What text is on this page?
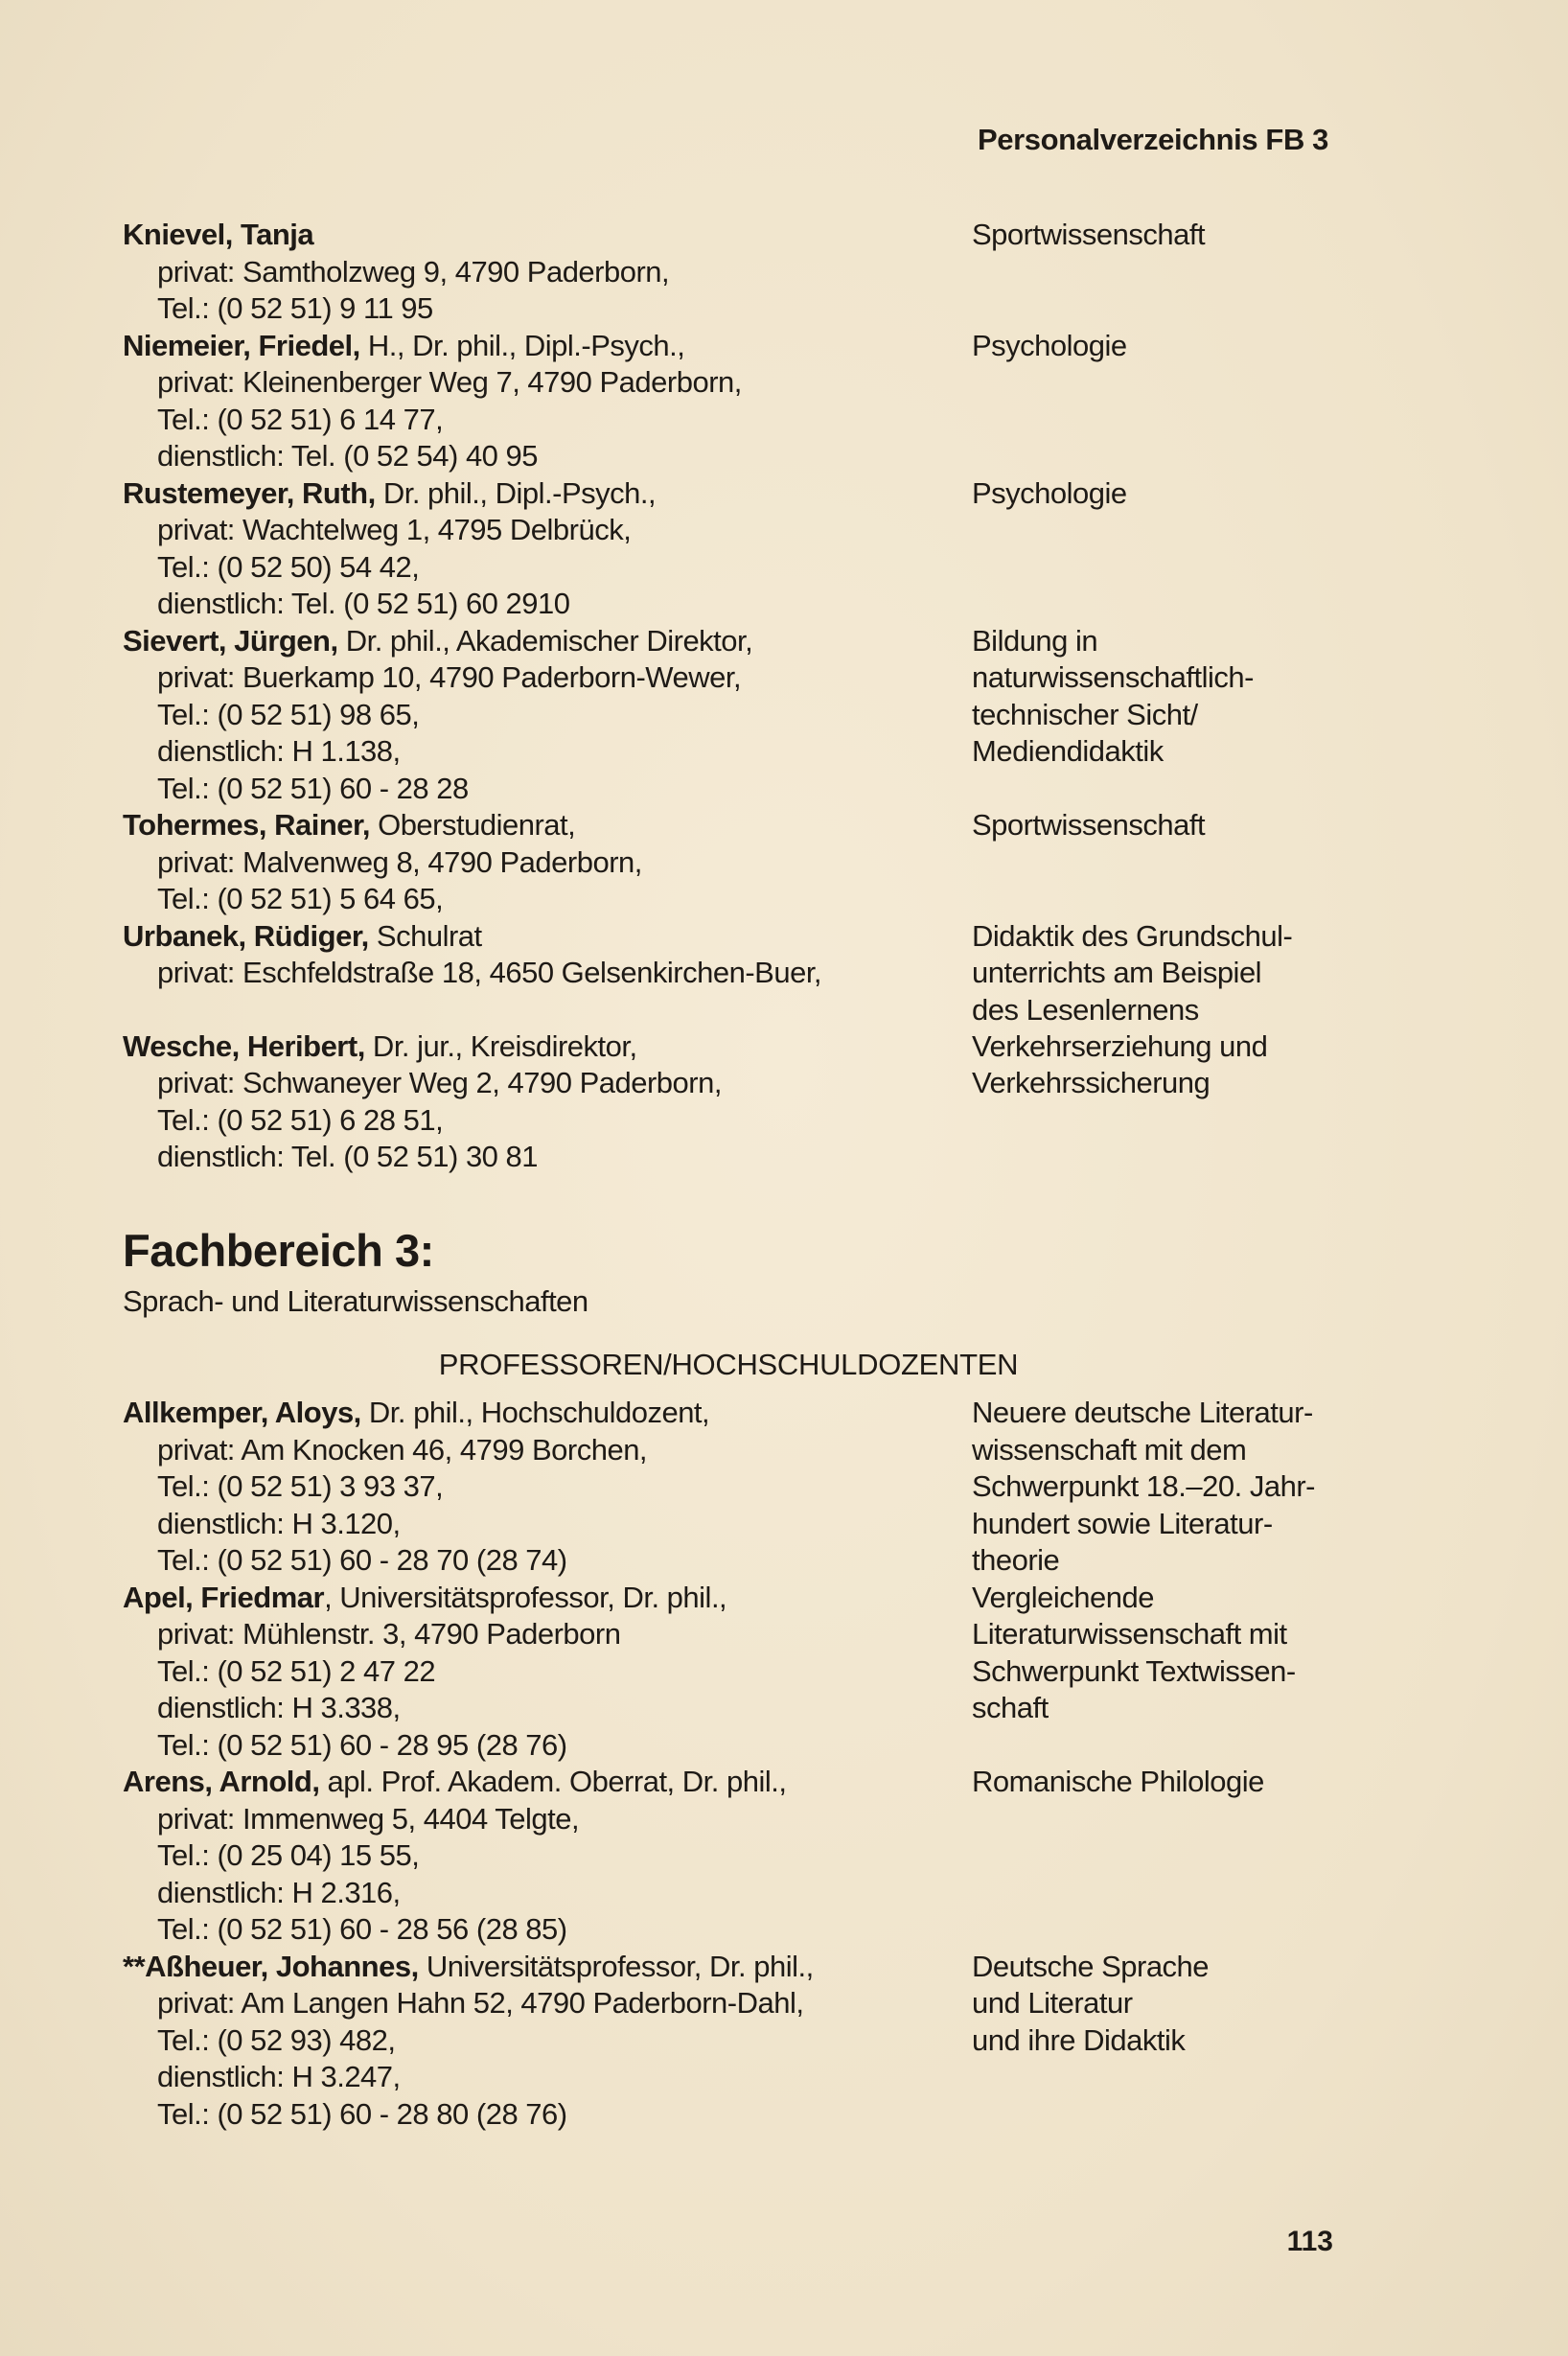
Personalverzeichnis FB 3
Knievel, Tanja
privat: Samtholzweg 9, 4790 Paderborn,
Tel.: (0 52 51) 9 11 95
Sportwissenschaft
Niemeier, Friedel, H., Dr. phil., Dipl.-Psych.,
privat: Kleinenberger Weg 7, 4790 Paderborn,
Tel.: (0 52 51) 6 14 77,
dienstlich: Tel. (0 52 54) 40 95
Psychologie
Rustemeyer, Ruth, Dr. phil., Dipl.-Psych.,
privat: Wachtelweg 1, 4795 Delbrück,
Tel.: (0 52 50) 54 42,
dienstlich: Tel. (0 52 51) 60 2910
Psychologie
Sievert, Jürgen, Dr. phil., Akademischer Direktor,
privat: Buerkamp 10, 4790 Paderborn-Wewer,
Tel.: (0 52 51) 98 65,
dienstlich: H 1.138,
Tel.: (0 52 51) 60 - 28 28
Bildung in
naturwissenschaftlich-
technischer Sicht/
Mediendidaktik
Tohermes, Rainer, Oberstudienrat,
privat: Malvenweg 8, 4790 Paderborn,
Tel.: (0 52 51) 5 64 65,
Sportwissenschaft
Urbanek, Rüdiger, Schulrat
privat: Eschfeldstraße 18, 4650 Gelsenkirchen-Buer,
Didaktik des Grundschul-
unterrichts am Beispiel
des Lesenlernens
Wesche, Heribert, Dr. jur., Kreisdirektor,
privat: Schwaneyer Weg 2, 4790 Paderborn,
Tel.: (0 52 51) 6 28 51,
dienstlich: Tel. (0 52 51) 30 81
Verkehrserziehung und
Verkehrssicherung
Fachbereich 3:
Sprach- und Literaturwissenschaften
PROFESSOREN/HOCHSCHULDOZENTEN
Allkemper, Aloys, Dr. phil., Hochschuldozent,
privat: Am Knocken 46, 4799 Borchen,
Tel.: (0 52 51) 3 93 37,
dienstlich: H 3.120,
Tel.: (0 52 51) 60 - 28 70 (28 74)
Neuere deutsche Literatur-
wissenschaft mit dem
Schwerpunkt 18.–20. Jahr-
hundert sowie Literatur-
theorie
Apel, Friedmar, Universitätsprofessor, Dr. phil.,
privat: Mühlenstr. 3, 4790 Paderborn
Tel.: (0 52 51) 2 47 22
dienstlich: H 3.338,
Tel.: (0 52 51) 60 - 28 95 (28 76)
Vergleichende
Literaturwissenschaft mit
Schwerpunkt Textwissen-
schaft
Arens, Arnold, apl. Prof. Akadem. Oberrat, Dr. phil.,
privat: Immenweg 5, 4404 Telgte,
Tel.: (0 25 04) 15 55,
dienstlich: H 2.316,
Tel.: (0 52 51) 60 - 28 56 (28 85)
Romanische Philologie
**Aßheuer, Johannes, Universitätsprofessor, Dr. phil.,
privat: Am Langen Hahn 52, 4790 Paderborn-Dahl,
Tel.: (0 52 93) 482,
dienstlich: H 3.247,
Tel.: (0 52 51) 60 - 28 80 (28 76)
Deutsche Sprache
und Literatur
und ihre Didaktik
113
